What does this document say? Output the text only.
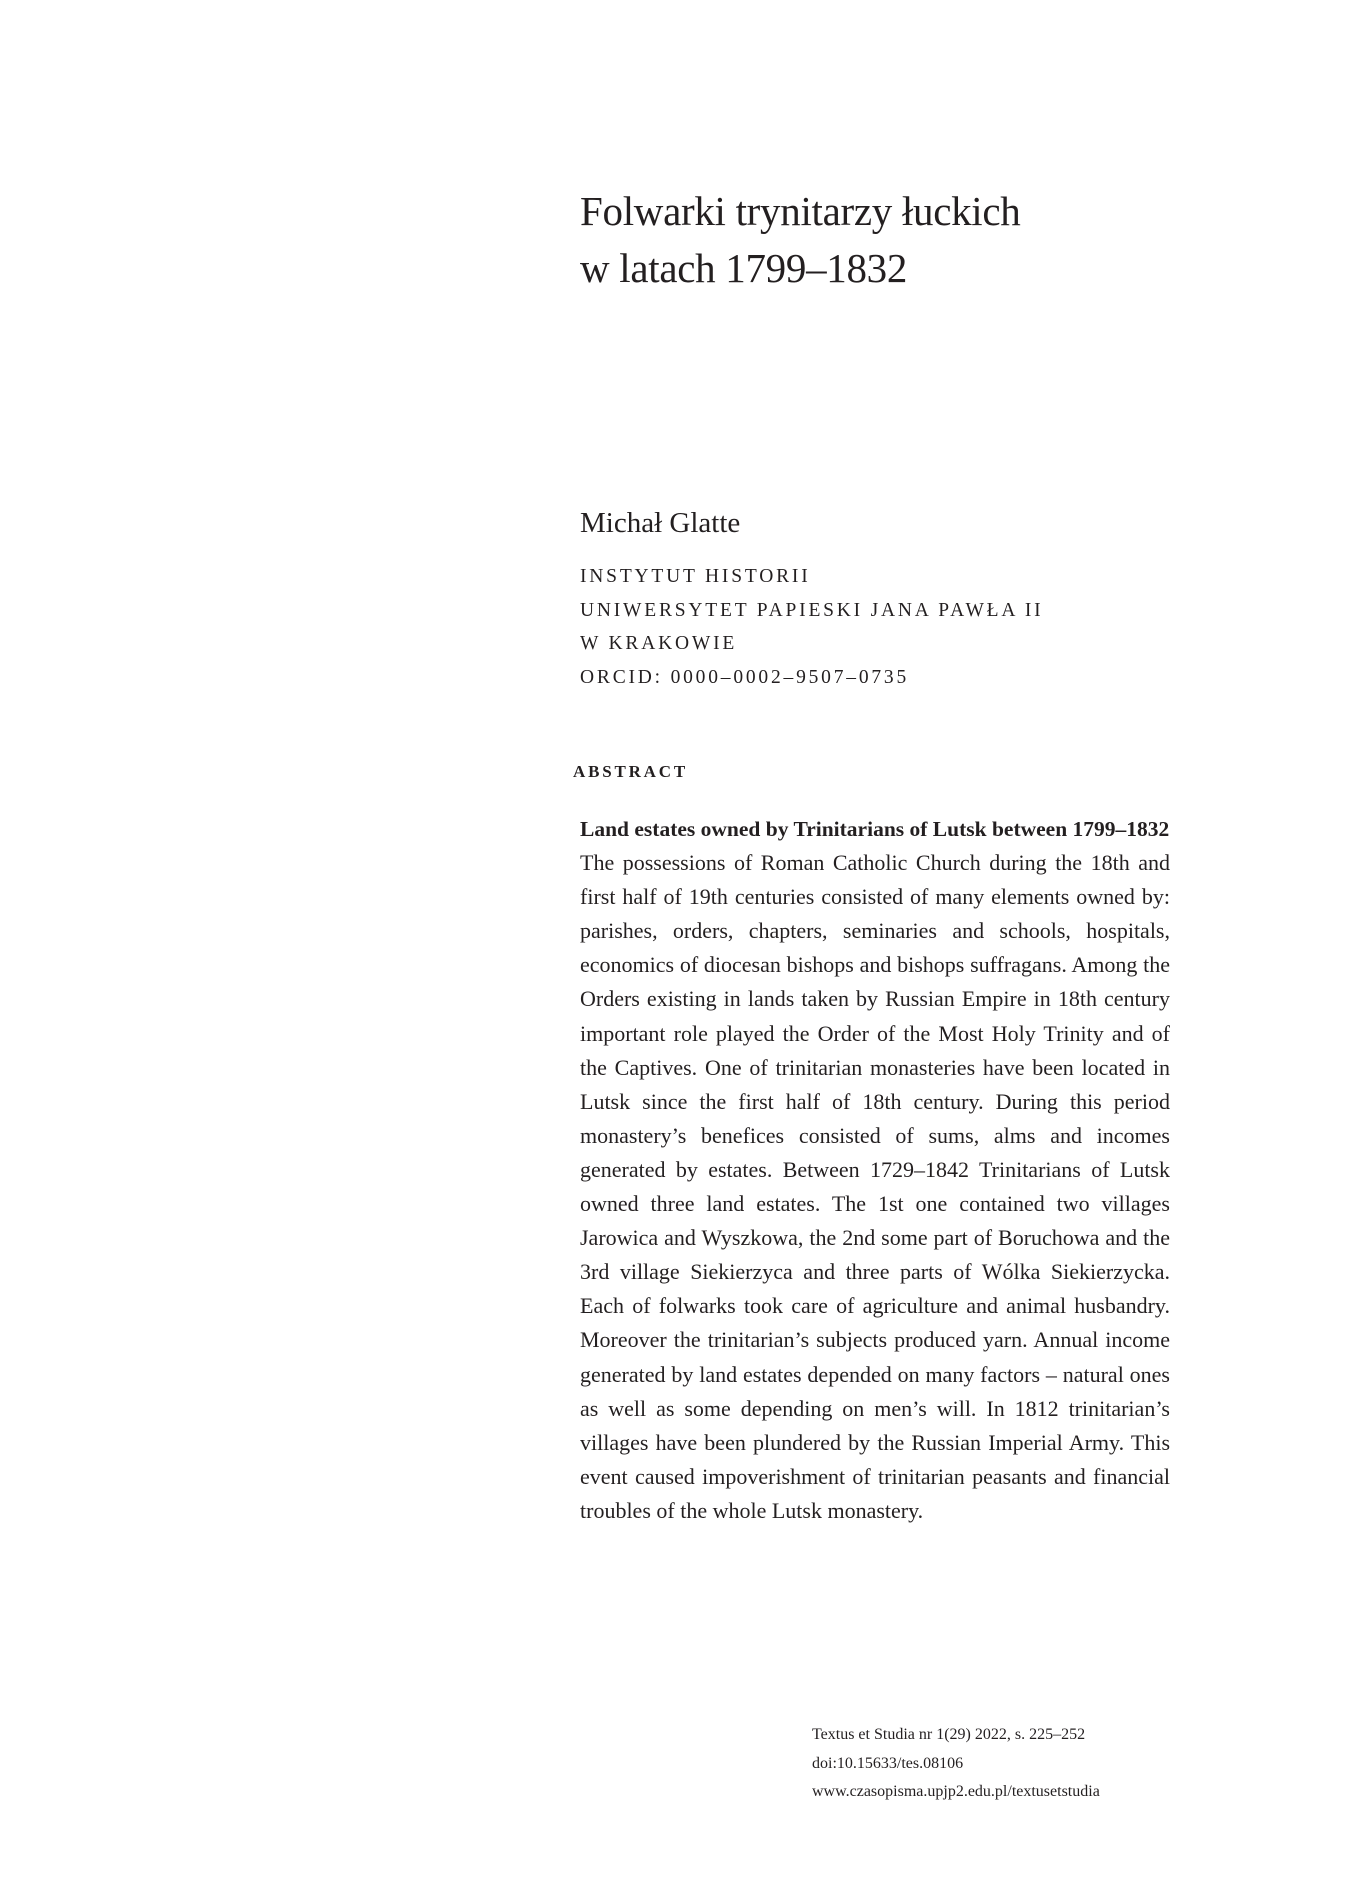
Folwarki trynitarzy łuckich
w latach 1799–1832

Michał Glatte

INSTYTUT HISTORII
UNIWERSYTET PAPIESKI JANA PAWŁA II
W KRAKOWIE
ORCID: 0000–0002–9507–0735
ABSTRACT

Land estates owned by Trinitarians of Lutsk between 1799–1832

The possessions of Roman Catholic Church during the 18th and first half of 19th centuries consisted of many elements owned by: parishes, orders, chapters, seminaries and schools, hospitals, economics of diocesan bishops and bishops suffragans. Among the Orders existing in lands taken by Russian Empire in 18th century important role played the Order of the Most Holy Trinity and of the Captives. One of trinitarian monasteries have been located in Lutsk since the first half of 18th century. During this period monastery’s benefices consisted of sums, alms and incomes generated by estates. Between 1729–1842 Trinitarians of Lutsk owned three land estates. The 1st one contained two villages Jarowica and Wyszkowa, the 2nd some part of Boruchowa and the 3rd village Siekierzyca and three parts of Wólka Siekierzycka. Each of folwarks took care of agriculture and animal husbandry. Moreover the trinitarian’s subjects produced yarn. Annual income generated by land estates depended on many factors – natural ones as well as some depending on men’s will. In 1812 trinitarian’s villages have been plundered by the Russian Imperial Army. This event caused impoverishment of trinitarian peasants and financial troubles of the whole Lutsk monastery.

Textus et Studia nr 1(29) 2022, s. 225–252
doi:10.15633/tes.08106
www.czasopisma.upjp2.edu.pl/textusetstudia
